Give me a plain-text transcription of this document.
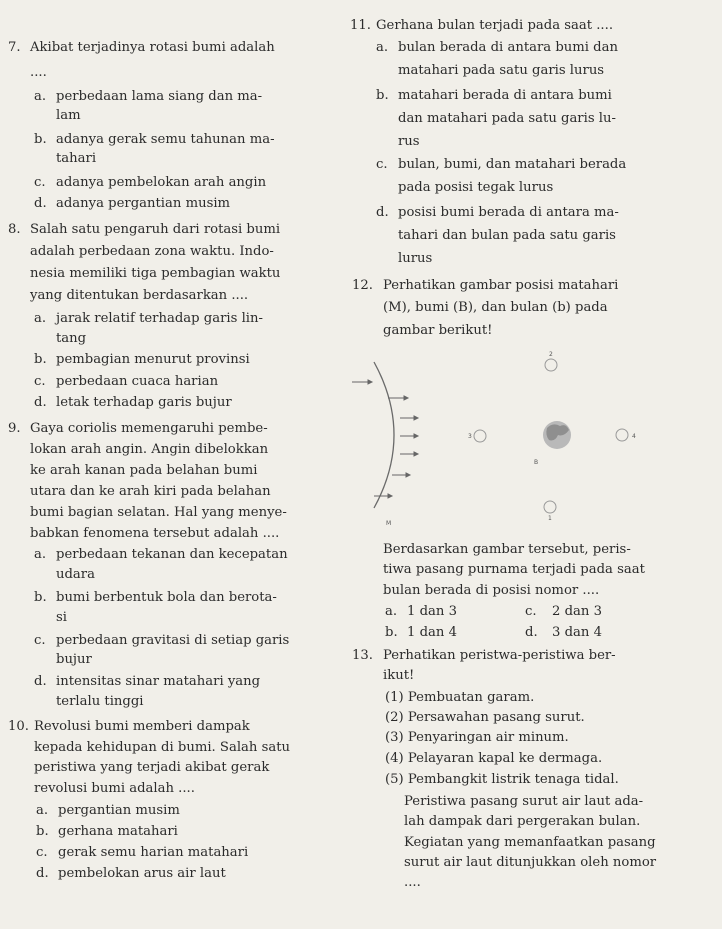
7. Akibat terjadinya rotasi bumi adalah
....
a. perbedaan lama siang dan ma-
lam
b. adanya gerak semu tahunan ma-
tahari
c. adanya pembelokan arah angin
d. adanya pergantian musim
8. Salah satu pengaruh dari rotasi bumi
adalah perbedaan zona waktu. Indo-
nesia memiliki tiga pembagian waktu
yang ditentukan berdasarkan ....
a. jarak relatif terhadap garis lin-
tang
b. pembagian menurut provinsi
c. perbedaan cuaca harian
d. letak terhadap garis bujur
9. Gaya coriolis memengaruhi pembe-
lokan arah angin. Angin dibelokkan
ke arah kanan pada belahan bumi
utara dan ke arah kiri pada belahan
bumi bagian selatan. Hal yang menye-
babkan fenomena tersebut adalah ....
a. perbedaan tekanan dan kecepatan
udara
b. bumi berbentuk bola dan berota-
si
c. perbedaan gravitasi di setiap garis
bujur
d. intensitas sinar matahari yang
terlalu tinggi
10. Revolusi bumi memberi dampak
kepada kehidupan di bumi. Salah satu
peristiwa yang terjadi akibat gerak
revolusi bumi adalah ....
a. pergantian musim
b. gerhana matahari
c. gerak semu harian matahari
d. pembelokan arus air laut
11. Gerhana bulan terjadi pada saat ....
a. bulan berada di antara bumi dan
matahari pada satu garis lurus
b. matahari berada di antara bumi
dan matahari pada satu garis lu-
rus
c. bulan, bumi, dan matahari berada
pada posisi tegak lurus
d. posisi bumi berada di antara ma-
tahari dan bulan pada satu garis
lurus
12. Perhatikan gambar posisi matahari
(M), bumi (B), dan bulan (b) pada
gambar berikut!
M
B
1
2
3	4
Berdasarkan gambar tersebut, peris-
tiwa pasang purnama terjadi pada saat
bulan berada di posisi nomor ....
a. 1 dan 3	c. 2 dan 3
b. 1 dan 4	d. 3 dan 4
13. Perhatikan peristwa-peristiwa ber-
ikut!
(1) Pembuatan garam.
(2) Persawahan pasang surut.
(3) Penyaringan air minum.
(4) Pelayaran kapal ke dermaga.
(5) Pembangkit listrik tenaga tidal.
Peristiwa pasang surut air laut ada-
lah dampak dari pergerakan bulan.
Kegiatan yang memanfaatkan pasang
surut air laut ditunjukkan oleh nomor
....
